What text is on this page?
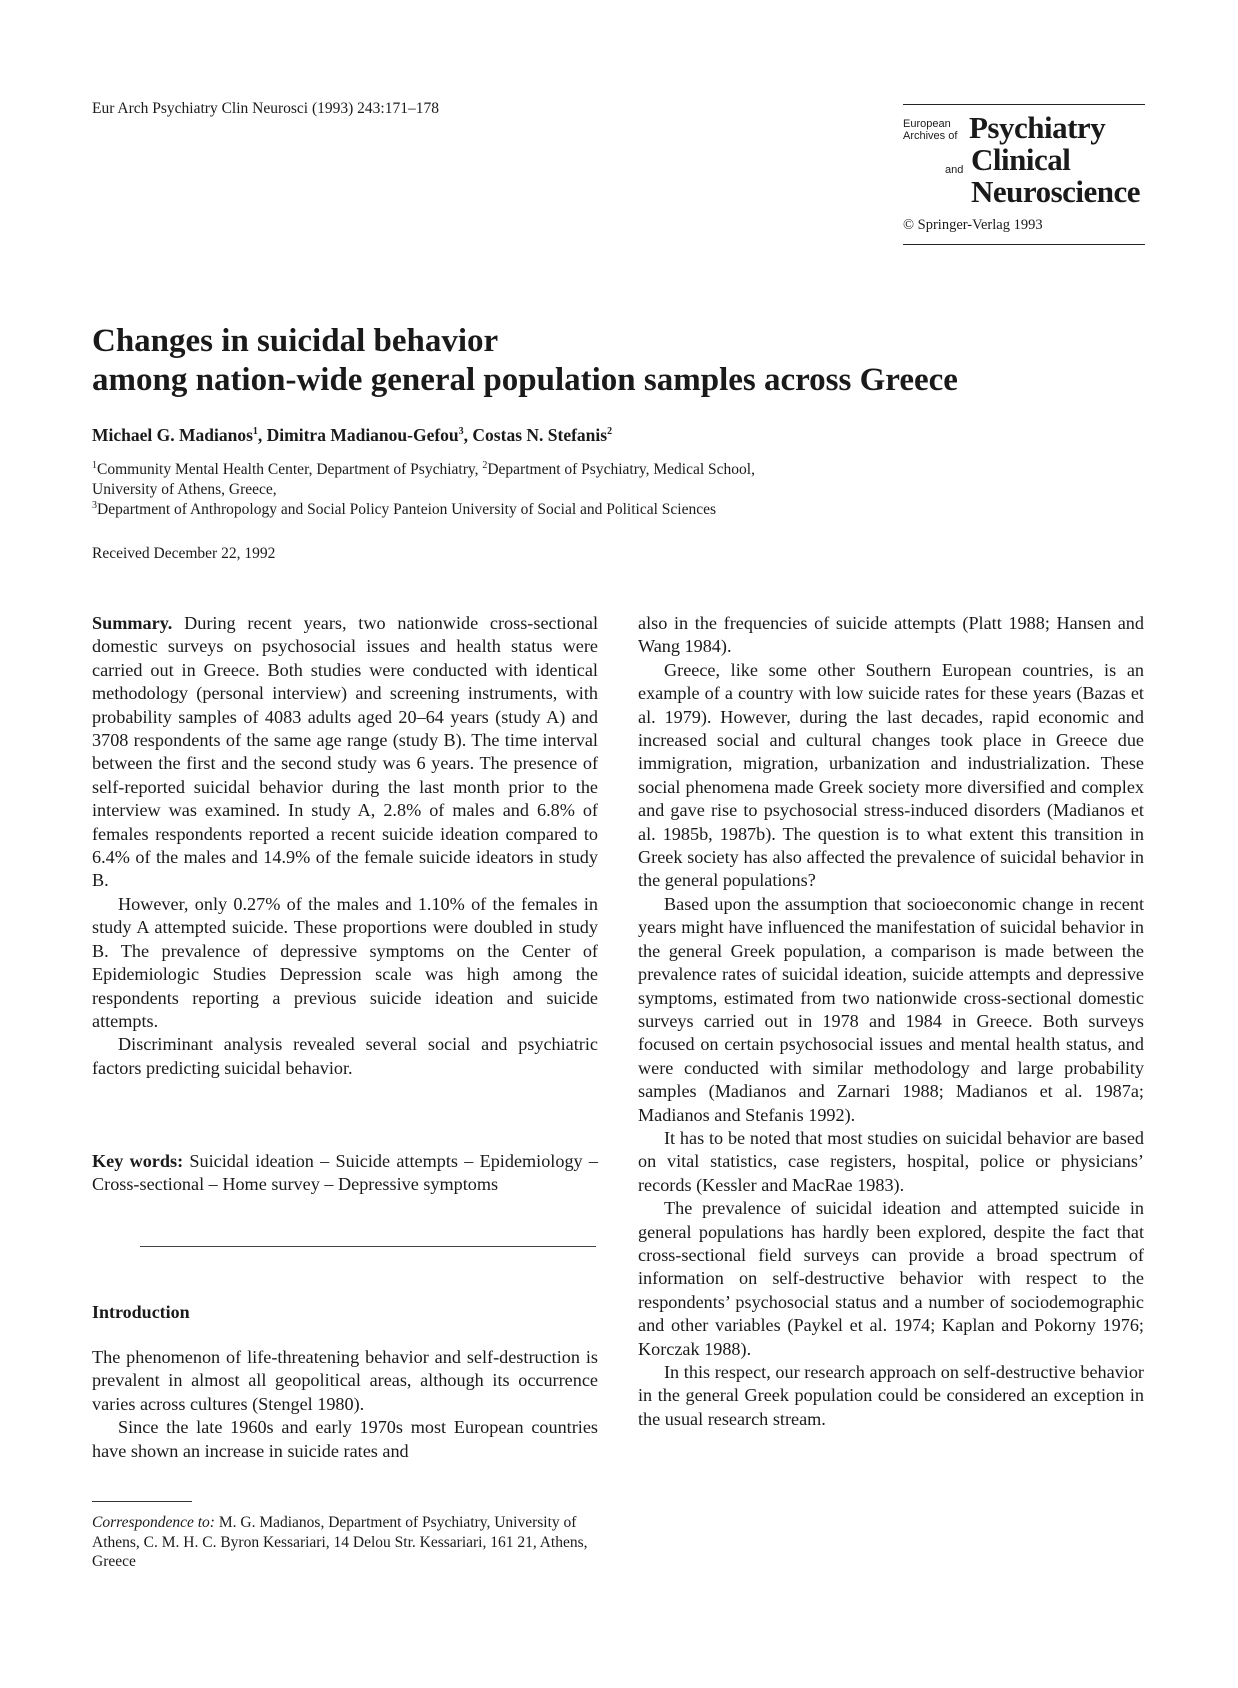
Eur Arch Psychiatry Clin Neurosci (1993) 243:171–178
European
Archives of Psychiatry
and Clinical
Neuroscience
© Springer-Verlag 1993
Changes in suicidal behavior
among nation-wide general population samples across Greece
Michael G. Madianos$^1$, Dimitra Madianou-Gefou$^3$, Costas N. Stefanis$^2$
$^1$Community Mental Health Center, Department of Psychiatry, $^2$Department of Psychiatry, Medical School,
University of Athens, Greece,
$^3$Department of Anthropology and Social Policy Panteion University of Social and Political Sciences
Received December 22, 1992

Summary. During recent years, two nationwide cross-sectional domestic surveys on psychosocial issues and health status were carried out in Greece. Both studies were conducted with identical methodology (personal interview) and screening instruments, with probability samples of 4083 adults aged 20–64 years (study A) and 3708 respondents of the same age range (study B). The time interval between the first and the second study was 6 years. The presence of self-reported suicidal behavior during the last month prior to the interview was examined. In study A, 2.8% of males and 6.8% of females respondents reported a recent suicide ideation compared to 6.4% of the males and 14.9% of the female suicide ideators in study B.

However, only 0.27% of the males and 1.10% of the females in study A attempted suicide. These proportions were doubled in study B. The prevalence of depressive symptoms on the Center of Epidemiologic Studies Depression scale was high among the respondents reporting a previous suicide ideation and suicide attempts.

Discriminant analysis revealed several social and psychiatric factors predicting suicidal behavior.

Key words: Suicidal ideation – Suicide attempts – Epidemiology – Cross-sectional – Home survey – Depressive symptoms

Introduction

The phenomenon of life-threatening behavior and self-destruction is prevalent in almost all geopolitical areas, although its occurrence varies across cultures (Stengel 1980).

Since the late 1960s and early 1970s most European countries have shown an increase in suicide rates and

Correspondence to: M. G. Madianos, Department of Psychiatry, University of Athens, C. M. H. C. Byron Kessariari, 14 Delou Str. Kessariari, 161 21, Athens, Greece

also in the frequencies of suicide attempts (Platt 1988; Hansen and Wang 1984).

Greece, like some other Southern European countries, is an example of a country with low suicide rates for these years (Bazas et al. 1979). However, during the last decades, rapid economic and increased social and cultural changes took place in Greece due immigration, migration, urbanization and industrialization. These social phenomena made Greek society more diversified and complex and gave rise to psychosocial stress-induced disorders (Madianos et al. 1985b, 1987b). The question is to what extent this transition in Greek society has also affected the prevalence of suicidal behavior in the general populations?

Based upon the assumption that socioeconomic change in recent years might have influenced the manifestation of suicidal behavior in the general Greek population, a comparison is made between the prevalence rates of suicidal ideation, suicide attempts and depressive symptoms, estimated from two nationwide cross-sectional domestic surveys carried out in 1978 and 1984 in Greece. Both surveys focused on certain psychosocial issues and mental health status, and were conducted with similar methodology and large probability samples (Madianos and Zarnari 1988; Madianos et al. 1987a; Madianos and Stefanis 1992).

It has to be noted that most studies on suicidal behavior are based on vital statistics, case registers, hospital, police or physicians’ records (Kessler and MacRae 1983).

The prevalence of suicidal ideation and attempted suicide in general populations has hardly been explored, despite the fact that cross-sectional field surveys can provide a broad spectrum of information on self-destructive behavior with respect to the respondents’ psychosocial status and a number of sociodemographic and other variables (Paykel et al. 1974; Kaplan and Pokorny 1976; Korczak 1988).

In this respect, our research approach on self-destructive behavior in the general Greek population could be considered an exception in the usual research stream.
